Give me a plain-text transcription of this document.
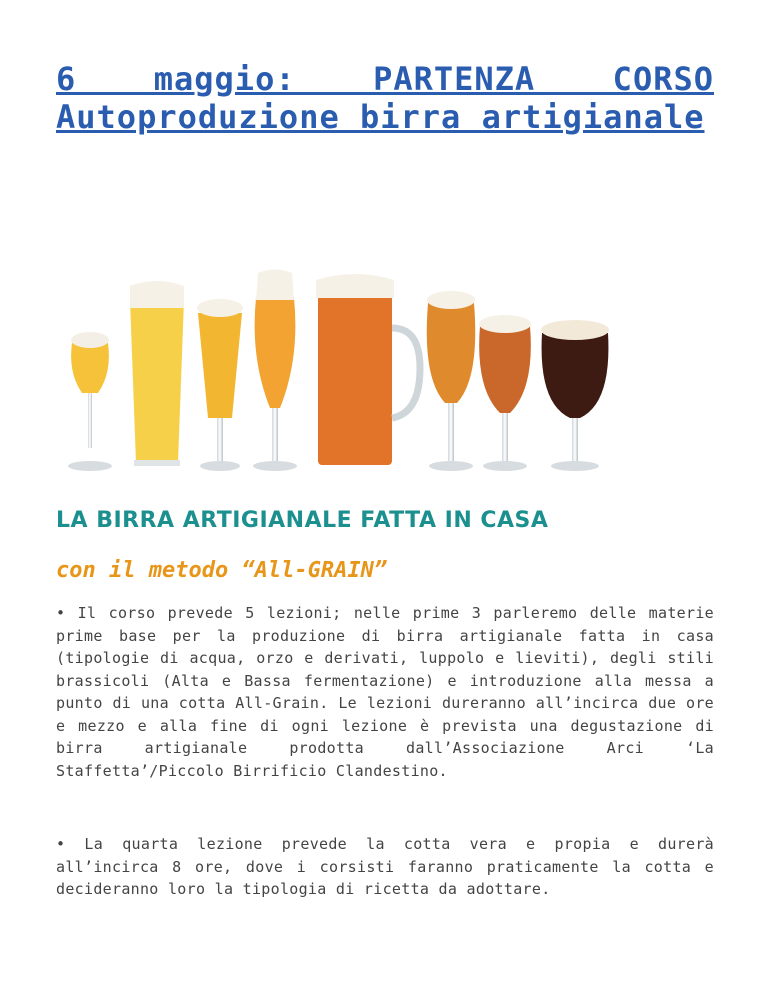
6 maggio: PARTENZA CORSO Autoproduzione birra artigianale
LA BIRRA ARTIGIANALE FATTA IN CASA
con il metodo “All-GRAIN”

• Il corso prevede 5 lezioni; nelle prime 3 parleremo delle materie prime base per la produzione di birra artigianale fatta in casa (tipologie di acqua, orzo e derivati, luppolo e lieviti), degli stili brassicoli (Alta e Bassa fermentazione) e introduzione alla messa a punto di una cotta All-Grain. Le lezioni dureranno all’incirca due ore e mezzo e alla fine di ogni lezione è prevista una degustazione di birra artigianale prodotta dall’Associazione Arci ‘La Staffetta’/Piccolo Birrificio Clandestino.

• La quarta lezione prevede la cotta vera e propia e durerà all’incirca 8 ore, dove i corsisti faranno praticamente la cotta e decideranno loro la tipologia di ricetta da adottare.
